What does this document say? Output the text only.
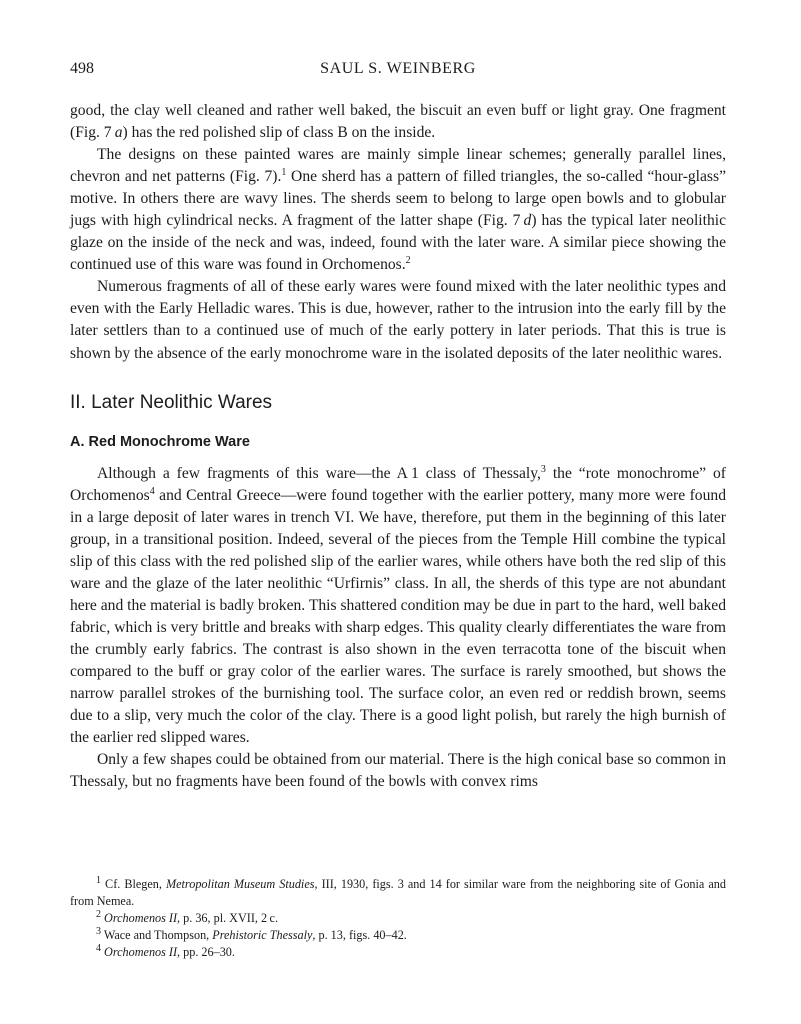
498	SAUL S. WEINBERG

good, the clay well cleaned and rather well baked, the biscuit an even buff or light gray. One fragment (Fig. 7 a) has the red polished slip of class B on the inside.

The designs on these painted wares are mainly simple linear schemes; generally parallel lines, chevron and net patterns (Fig. 7).$^1$ One sherd has a pattern of filled triangles, the so-called “hour-glass” motive. In others there are wavy lines. The sherds seem to belong to large open bowls and to globular jugs with high cylindrical necks. A fragment of the latter shape (Fig. 7 d) has the typical later neolithic glaze on the inside of the neck and was, indeed, found with the later ware. A similar piece showing the continued use of this ware was found in Orchomenos.$^2$

Numerous fragments of all of these early wares were found mixed with the later neolithic types and even with the Early Helladic wares. This is due, however, rather to the intrusion into the early fill by the later settlers than to a continued use of much of the early pottery in later periods. That this is true is shown by the absence of the early monochrome ware in the isolated deposits of the later neolithic wares.

II. Later Neolithic Wares
A. Red Monochrome Ware

Although a few fragments of this ware—the A 1 class of Thessaly,$^3$ the “rote monochrome” of Orchomenos$^4$ and Central Greece—were found together with the earlier pottery, many more were found in a large deposit of later wares in trench VI. We have, therefore, put them in the beginning of this later group, in a transitional position. Indeed, several of the pieces from the Temple Hill combine the typical slip of this class with the red polished slip of the earlier wares, while others have both the red slip of this ware and the glaze of the later neolithic “Urfirnis” class. In all, the sherds of this type are not abundant here and the material is badly broken. This shattered condition may be due in part to the hard, well baked fabric, which is very brittle and breaks with sharp edges. This quality clearly differentiates the ware from the crumbly early fabrics. The contrast is also shown in the even terracotta tone of the biscuit when compared to the buff or gray color of the earlier wares. The surface is rarely smoothed, but shows the narrow parallel strokes of the burnishing tool. The surface color, an even red or reddish brown, seems due to a slip, very much the color of the clay. There is a good light polish, but rarely the high burnish of the earlier red slipped wares.

Only a few shapes could be obtained from our material. There is the high conical base so common in Thessaly, but no fragments have been found of the bowls with convex rims

$^1$ Cf. Blegen, Metropolitan Museum Studies, III, 1930, figs. 3 and 14 for similar ware from the neighboring site of Gonia and from Nemea.

$^2$ Orchomenos II, p. 36, pl. XVII, 2 c.

$^3$ Wace and Thompson, Prehistoric Thessaly, p. 13, figs. 40–42.

$^4$ Orchomenos II, pp. 26–30.
